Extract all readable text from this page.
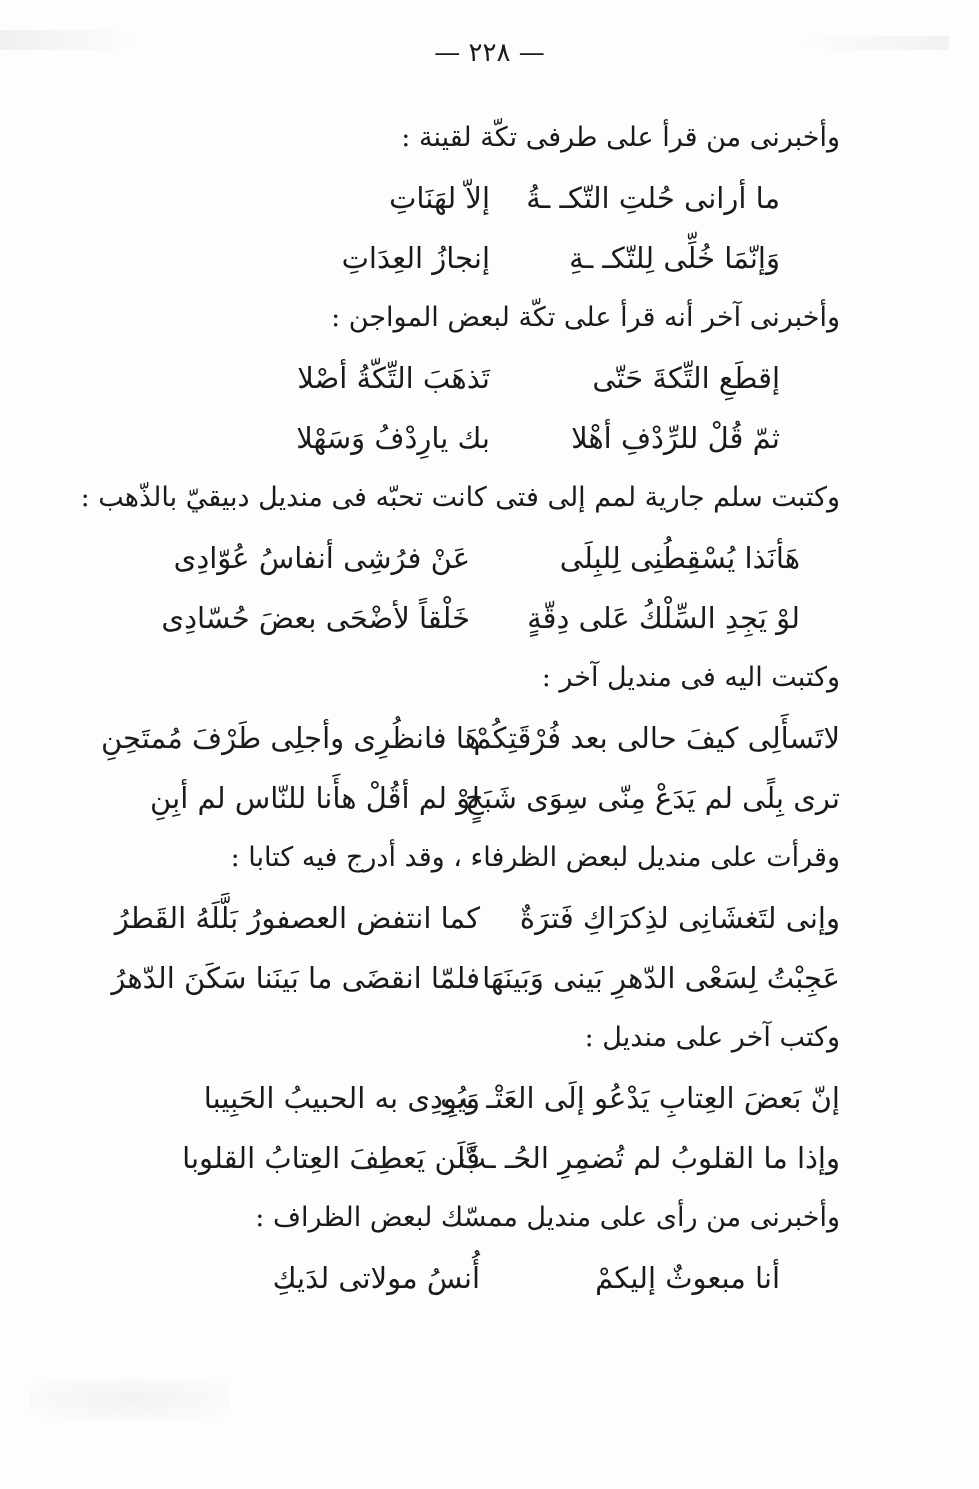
— ٢٢٨ —

وأخبرنى من قرأ على طرفى تكّة لقينة :

ما أرانى حُلتِ التّكـ ـةُ
إلاّ لهَنَاتِ
وَإنّمَا خُلِّى لِلتّكـ ـةِ
إنجازُ العِدَاتِ

وأخبرنى آخر أنه قرأ على تكّة لبعض المواجن :

إقطَعِ التِّكةَ حَتّى
تَذهَبَ التِّكّةُ أصْلا
ثمّ قُلْ للرِّدْفِ أهْلا
بك يارِدْفُ وَسَهْلا

وكتبت سلم جارية لمم إلى فتى كانت تحبّه فى منديل دبيقيّ بالذّهب :

هَأنَذا يُسْقِطُنِى لِلبِلَى
عَنْ فرُشِى أنفاسُ عُوّادِى
لوْ يَجِدِ السِّلْكُ عَلى دِقّةٍ
خَلْقاً لأضْحَى بعضَ حُسّادِى

وكتبت اليه فى منديل آخر :

لاتَسأَلِى كيفَ حالى بعد فُرْقَتِكُمْ
هَا فانظُرِى وأجلِى طَرْفَ مُمتَحِنِ
ترى بِلًى لم يَدَعْ مِنّى سِوَى شَبَحٍ
لوْ لم أقُلْ هأَنا للنّاس لم أبِنِ

وقرأت على منديل لبعض الظرفاء ، وقد أدرج فيه كتابا :

وإنى لتَغشَانِى لذِكرَاكِ فَترَةٌ
كما انتفض العصفورُ بَلَّلَهُ القَطرُ
عَجِبْتُ لِسَعْى الدّهرِ بَينى وَبَينَهَا
فلمّا انقضَى ما بَينَنا سَكَنَ الدّهرُ

وكتب آخر على منديل :

إنّ بَعضَ العِتابِ يَدْعُو إلَى العَتْـ ـبِ
وَيُودِى به الحبيبُ الحَبِيبا
وإذا ما القلوبُ لم تُضمِرِ الحُـ ـبَّ
فَلَن يَعطِفَ العِتابُ القلوبا

وأخبرنى من رأى على منديل ممسّك لبعض الظراف :

أنا مبعوثٌ إليكمْ
أُنسُ مولاتى لدَيكِ
